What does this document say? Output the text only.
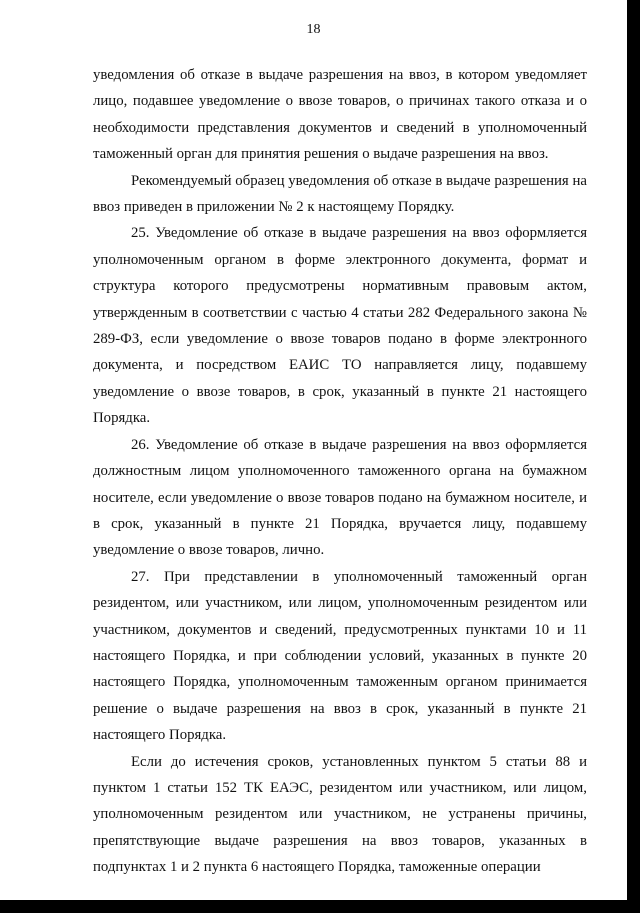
18

уведомления об отказе в выдаче разрешения на ввоз, в котором уведомляет лицо, подавшее уведомление о ввозе товаров, о причинах такого отказа и о необходимости представления документов и сведений в уполномоченный таможенный орган для принятия решения о выдаче разрешения на ввоз.

Рекомендуемый образец уведомления об отказе в выдаче разрешения на ввоз приведен в приложении № 2 к настоящему Порядку.

25. Уведомление об отказе в выдаче разрешения на ввоз оформляется уполномоченным органом в форме электронного документа, формат и структура которого предусмотрены нормативным правовым актом, утвержденным в соответствии с частью 4 статьи 282 Федерального закона № 289-ФЗ, если уведомление о ввозе товаров подано в форме электронного документа, и посредством ЕАИС ТО направляется лицу, подавшему уведомление о ввозе товаров, в срок, указанный в пункте 21 настоящего Порядка.

26. Уведомление об отказе в выдаче разрешения на ввоз оформляется должностным лицом уполномоченного таможенного органа на бумажном носителе, если уведомление о ввозе товаров подано на бумажном носителе, и в срок, указанный в пункте 21 Порядка, вручается лицу, подавшему уведомление о ввозе товаров, лично.

27. При представлении в уполномоченный таможенный орган резидентом, или участником, или лицом, уполномоченным резидентом или участником, документов и сведений, предусмотренных пунктами 10 и 11 настоящего Порядка, и при соблюдении условий, указанных в пункте 20 настоящего Порядка, уполномоченным таможенным органом принимается решение о выдаче разрешения на ввоз в срок, указанный в пункте 21 настоящего Порядка.

Если до истечения сроков, установленных пунктом 5 статьи 88 и пунктом 1 статьи 152 ТК ЕАЭС, резидентом или участником, или лицом, уполномоченным резидентом или участником, не устранены причины, препятствующие выдаче разрешения на ввоз товаров, указанных в подпунктах 1 и 2 пункта 6 настоящего Порядка, таможенные операции
